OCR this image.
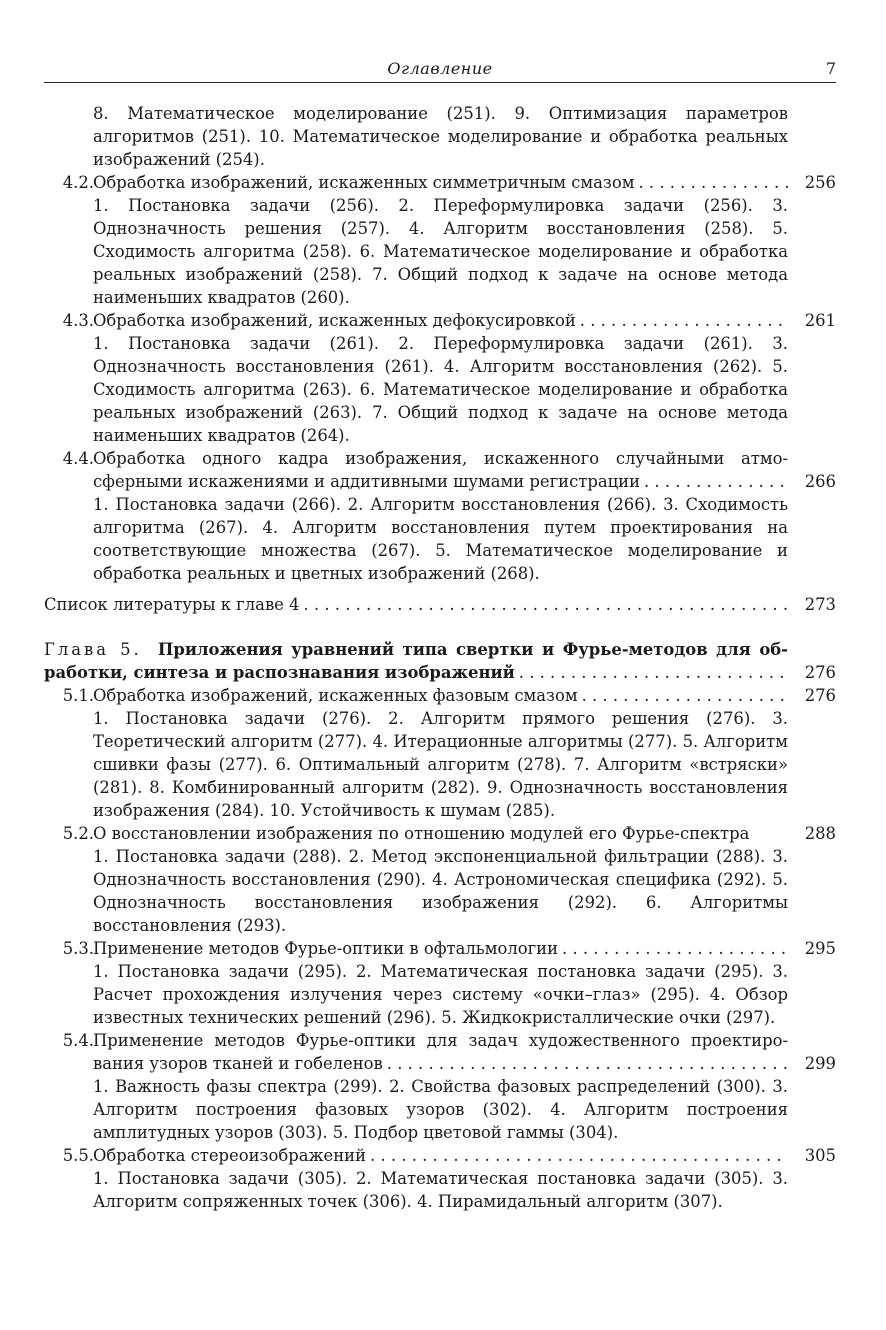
Оглавление	7
8. Математическое моделирование (251). 9. Оптимизация параметров алгоритмов (251). 10. Математическое моделирование и обработка реальных изображений (254).
4.2. Обработка изображений, искаженных симметричным смазом . . .	256
1. Постановка задачи (256). 2. Переформулировка задачи (256). 3. Однозначность решения (257). 4. Алгоритм восстановления (258). 5. Сходимость алгоритма (258). 6. Математическое моделирование и обработка реальных изображений (258). 7. Общий подход к задаче на основе метода наименьших квадратов (260).
4.3. Обработка изображений, искаженных дефокусировкой . . .	261
1. Постановка задачи (261). 2. Переформулировка задачи (261). 3. Однозначность восстановления (261). 4. Алгоритм восстановления (262). 5. Сходимость алгоритма (263). 6. Математическое моделирование и обработка реальных изображений (263). 7. Общий подход к задаче на основе метода наименьших квадратов (264).
4.4. Обработка одного кадра изображения, искаженного случайными атмо-
сферными искажениями и аддитивными шумами регистрации . . .	266
1. Постановка задачи (266). 2. Алгоритм восстановления (266). 3. Сходимость алгоритма (267). 4. Алгоритм восстановления путем проектирования на соответствующие множества (267). 5. Математическое моделирование и обработка реальных и цветных изображений (268).
Список литературы к главе 4 . . .	273
Глава 5. Приложения уравнений типа свертки и Фурье-методов для об-
работки, синтеза и распознавания изображений . . .	276
5.1. Обработка изображений, искаженных фазовым смазом . . .	276
1. Постановка задачи (276). 2. Алгоритм прямого решения (276). 3. Теоретический алгоритм (277). 4. Итерационные алгоритмы (277). 5. Алгоритм сшивки фазы (277). 6. Оптимальный алгоритм (278). 7. Алгоритм «встряски» (281). 8. Комбинированный алгоритм (282). 9. Однозначность восстановления изображения (284). 10. Устойчивость к шумам (285).
5.2. О восстановлении изображения по отношению модулей его Фурье-спектра	288
1. Постановка задачи (288). 2. Метод экспоненциальной фильтрации (288). 3. Однозначность восстановления (290). 4. Астрономическая специфика (292). 5. Однозначность восстановления изображения (292). 6. Алгоритмы восстановления (293).
5.3. Применение методов Фурье-оптики в офтальмологии . . .	295
1. Постановка задачи (295). 2. Математическая постановка задачи (295). 3. Расчет прохождения излучения через систему «очки–глаз» (295). 4. Обзор известных технических решений (296). 5. Жидкокристаллические очки (297).
5.4. Применение методов Фурье-оптики для задач художественного проектиро-
вания узоров тканей и гобеленов . . .	299
1. Важность фазы спектра (299). 2. Свойства фазовых распределений (300). 3. Алгоритм построения фазовых узоров (302). 4. Алгоритм построения амплитудных узоров (303). 5. Подбор цветовой гаммы (304).
5.5. Обработка стереоизображений . . .	305
1. Постановка задачи (305). 2. Математическая постановка задачи (305). 3. Алгоритм сопряженных точек (306). 4. Пирамидальный алгоритм (307).
